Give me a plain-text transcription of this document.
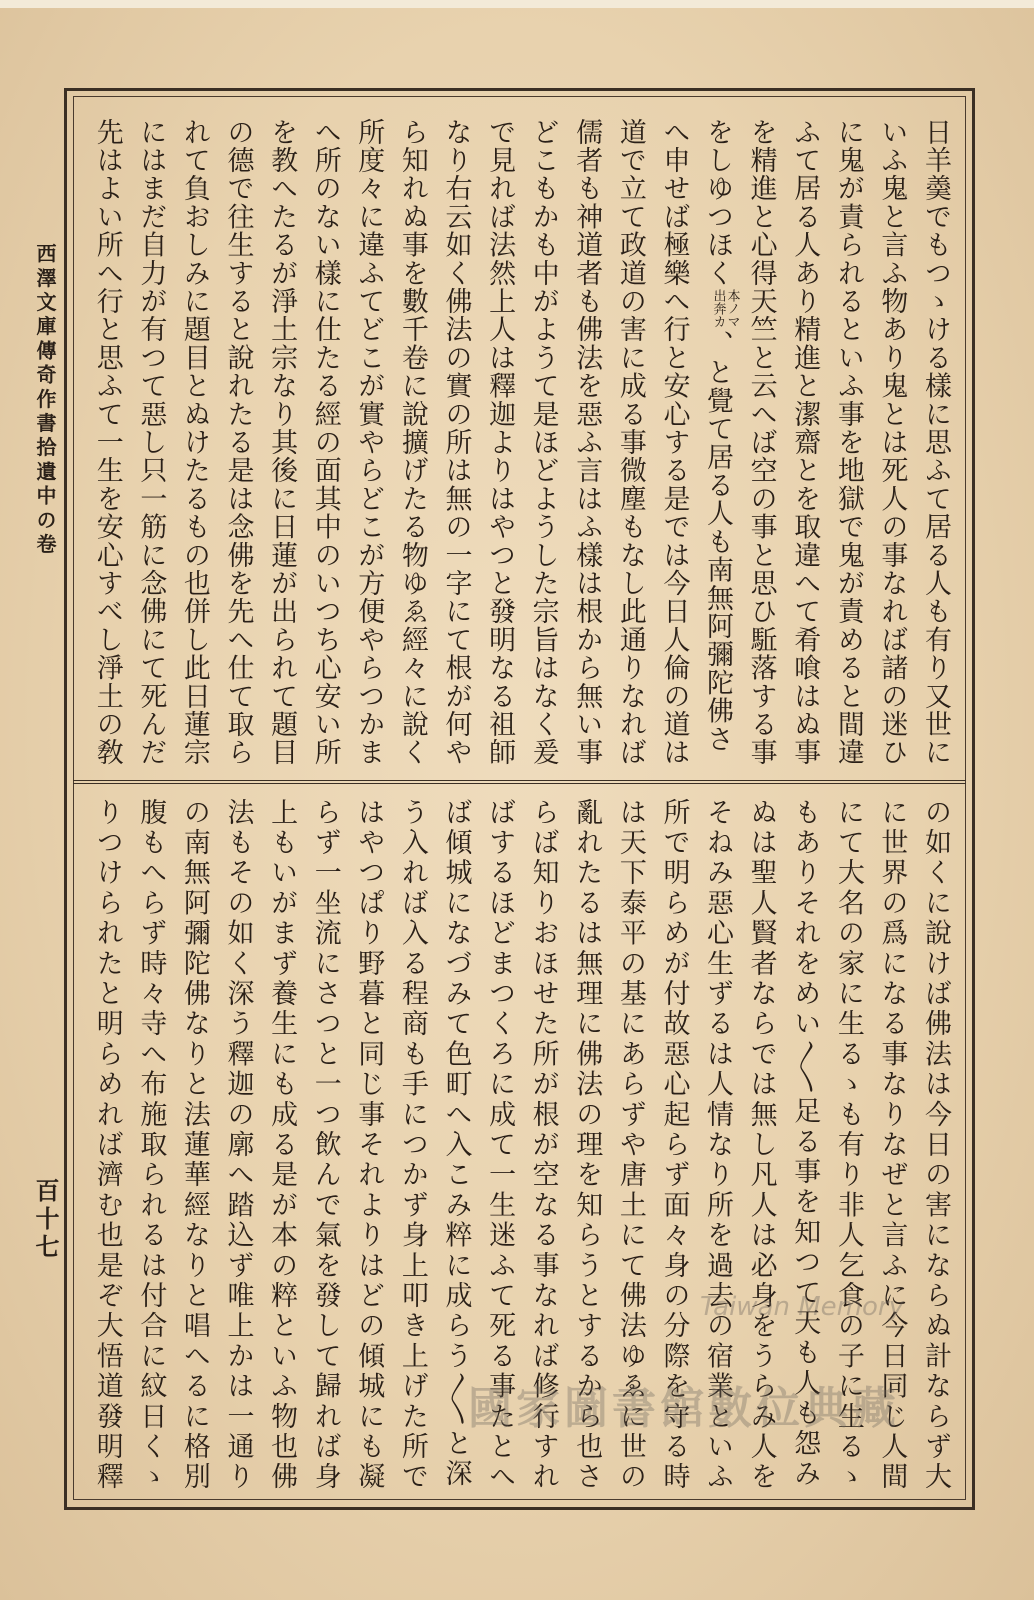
西澤文庫傳奇作書拾遺中の卷
百十七
日羊羮でもつゝける樣に思ふて居る人も有り又世に
いふ鬼と言ふ物あり鬼とは死人の事なれば諸の迷ひ
に鬼が責られるといふ事を地獄で鬼が責めると間違
ふて居る人あり精進と潔齋とを取違へて肴喰はぬ事
を精進と心得天竺と云へば空の事と思ひ駈落する事
をしゆつほく本ノマ
出奔カ、と覺て居る人も南無阿彌陀佛さ
へ申せば極樂へ行と安心する是では今日人倫の道は
道で立て政道の害に成る事微塵もなし此通りなれば
儒者も神道者も佛法を惡ふ言はふ樣は根から無い事
どこもかも中がようて是ほどようした宗旨はなく爰
で見れば法然上人は釋迦よりはやつと發明なる祖師
なり右云如く佛法の實の所は無の一字にて根が何や
ら知れぬ事を數千卷に說擴げたる物ゆゑ經々に說く
所度々に違ふてどこが實やらどこが方便やらつかま
へ所のない樣に仕たる經の面其中のいつち心安い所
を教へたるが淨土宗なり其後に日蓮が出られて題目
の德で往生すると說れたる是は念佛を先へ仕て取ら
れて負おしみに題目とぬけたるもの也併し此日蓮宗
にはまだ自力が有つて惡し只一筋に念佛にて死んだ
先はよい所へ行と思ふて一生を安心すべし淨土の敎
の如くに說けば佛法は今日の害にならぬ計ならず大
に世界の爲になる事なりなぜと言ふに今日同じ人間
にて大名の家に生るゝも有り非人乞食の子に生るゝ
もありそれをめい〳〵足る事を知つて天も人も怨み
ぬは聖人賢者ならでは無し凡人は必身をうらみ人を
そねみ惡心生ずるは人情なり所を過去の宿業といふ
所で明らめが付故惡心起らず面々身の分際を守る時
は天下泰平の基にあらずや唐土にて佛法ゆゑに世の
亂れたるは無理に佛法の理を知らうとするから也さ
らば知りおほせた所が根が空なる事なれば修行すれ
ばするほどまつくろに成て一生迷ふて死る事たとへ
ば傾城になづみて色町へ入こみ粹に成らう〳〵と深
う入れば入る程商も手につかず身上叩き上げた所で
はやつぱり野暮と同じ事それよりはどの傾城にも凝
らず一坐流にさつと一つ飲んで氣を發して歸れば身
上もいがまず養生にも成る是が本の粹といふ物也佛
法もその如く深う釋迦の廓へ踏込ず唯上かは一通り
の南無阿彌陀佛なりと法蓮華經なりと唱へるに格別
腹もへらず時々寺へ布施取られるは付合に紋日くゝ
りつけられたと明らめれば濟む也是ぞ大悟道發明釋	Taiwan Memory
國家圖書館數位典藏
